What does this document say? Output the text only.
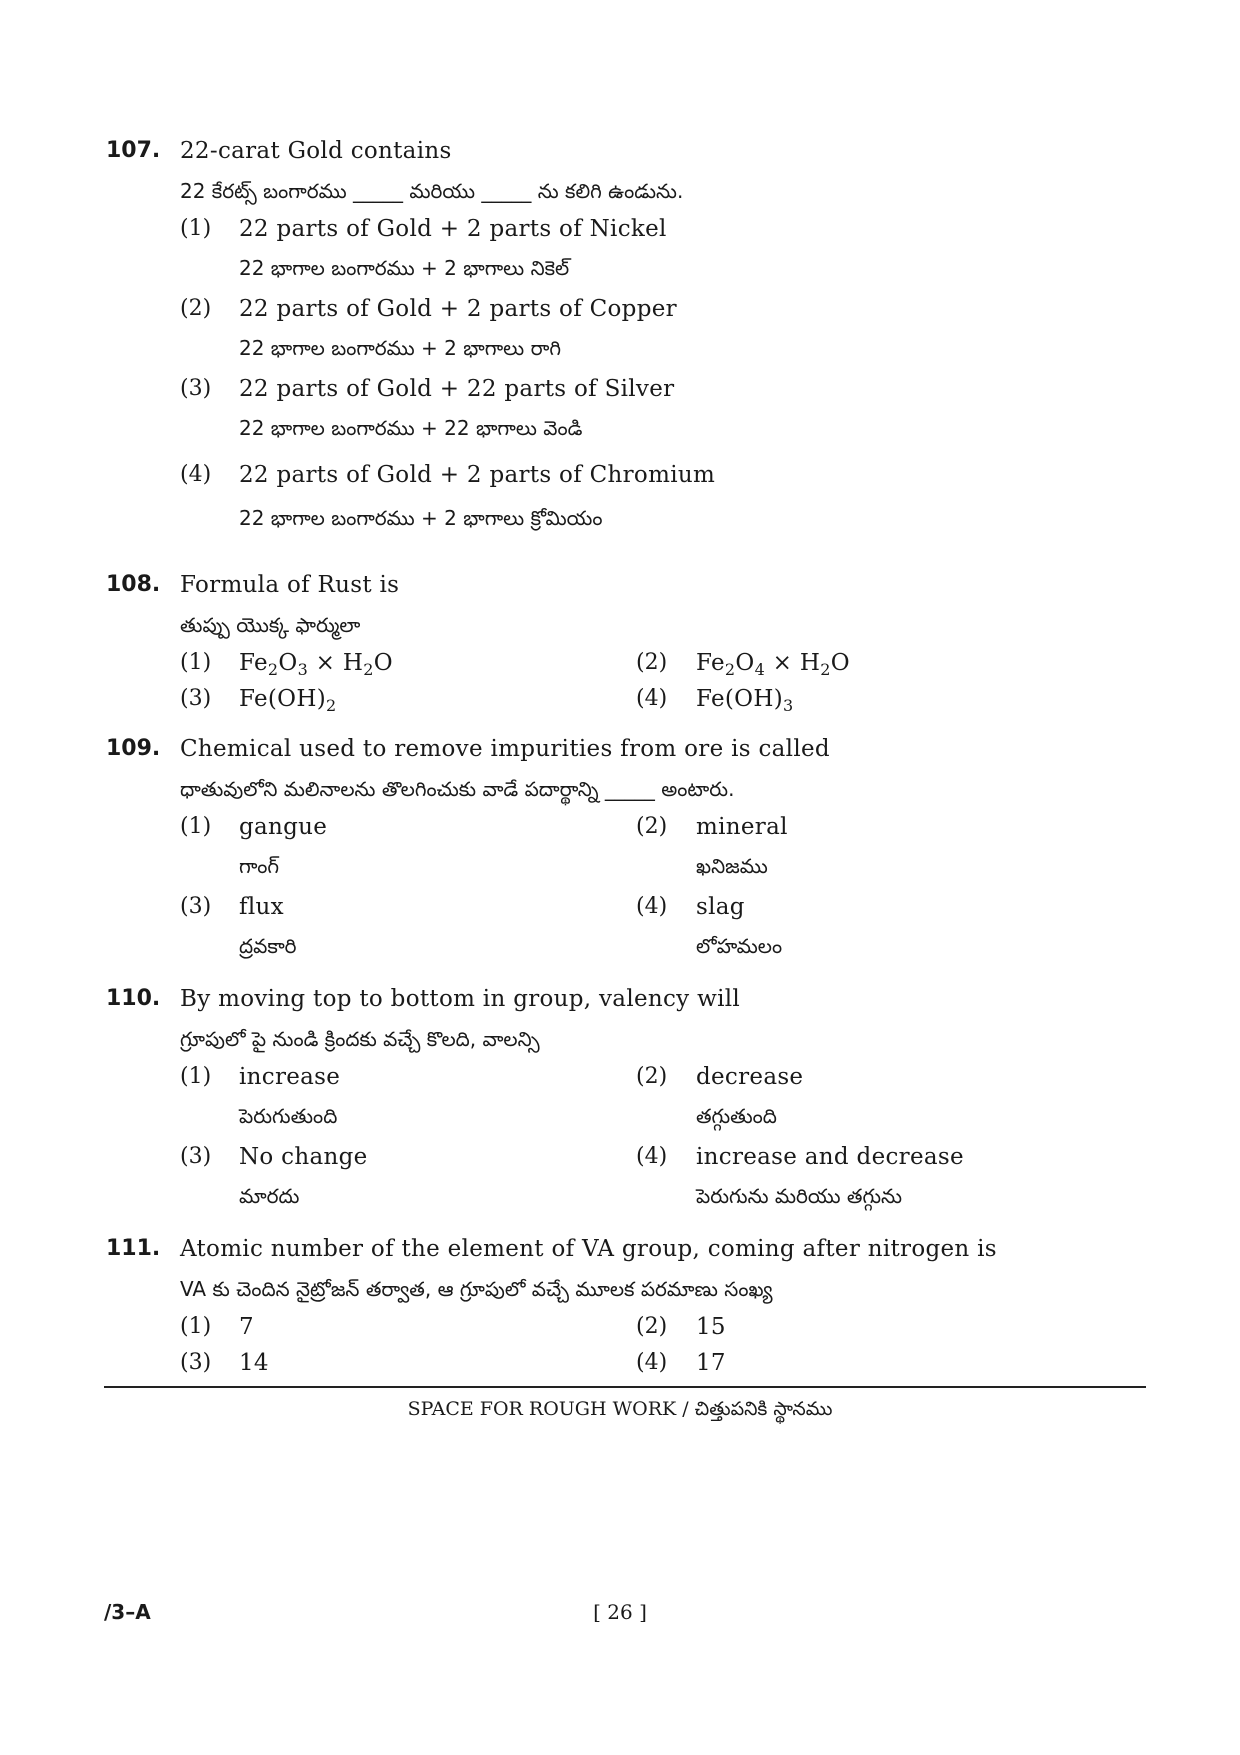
107. 22-carat Gold contains
22 కేరట్స్ బంగారము _____ మరియు _____ ను కలిగి ఉండును.
(1) 22 parts of Gold + 2 parts of Nickel
22 భాగాల బంగారము + 2 భాగాలు నికెల్
(2) 22 parts of Gold + 2 parts of Copper
22 భాగాల బంగారము + 2 భాగాలు రాగి
(3) 22 parts of Gold + 22 parts of Silver
22 భాగాల బంగారము + 22 భాగాలు వెండి
(4) 22 parts of Gold + 2 parts of Chromium
22 భాగాల బంగారము + 2 భాగాలు క్రోమియం
108. Formula of Rust is
తుప్పు యొక్క ఫార్ములా
(1) $Fe_2O_3 \times H_2O$	(2) $Fe_2O_4 \times H_2O$
(3) $Fe(OH)_2$	(4) $Fe(OH)_3$
109. Chemical used to remove impurities from ore is called
ధాతువులోని మలినాలను తొలగించుకు వాడే పదార్థాన్ని _____ అంటారు.
(1) gangue
గాంగ్
(2) mineral
ఖనిజము
(3) flux
ద్రవకారి
(4) slag
లోహమలం
110. By moving top to bottom in group, valency will
గ్రూపులో పై నుండి క్రిందకు వచ్చే కొలది, వాలన్సి
(1) increase
పెరుగుతుంది
(2) decrease
తగ్గుతుంది
(3) No change
మారదు
(4) increase and decrease
పెరుగును మరియు తగ్గును
111. Atomic number of the element of VA group, coming after nitrogen is
VA కు చెందిన నైట్రోజన్ తర్వాత, ఆ గ్రూపులో వచ్చే మూలక పరమాణు సంఖ్య
(1) 7	(2) 15
(3) 14	(4) 17
SPACE FOR ROUGH WORK / చిత్తుపనికి స్థానము
/3–A	[ 26 ]
